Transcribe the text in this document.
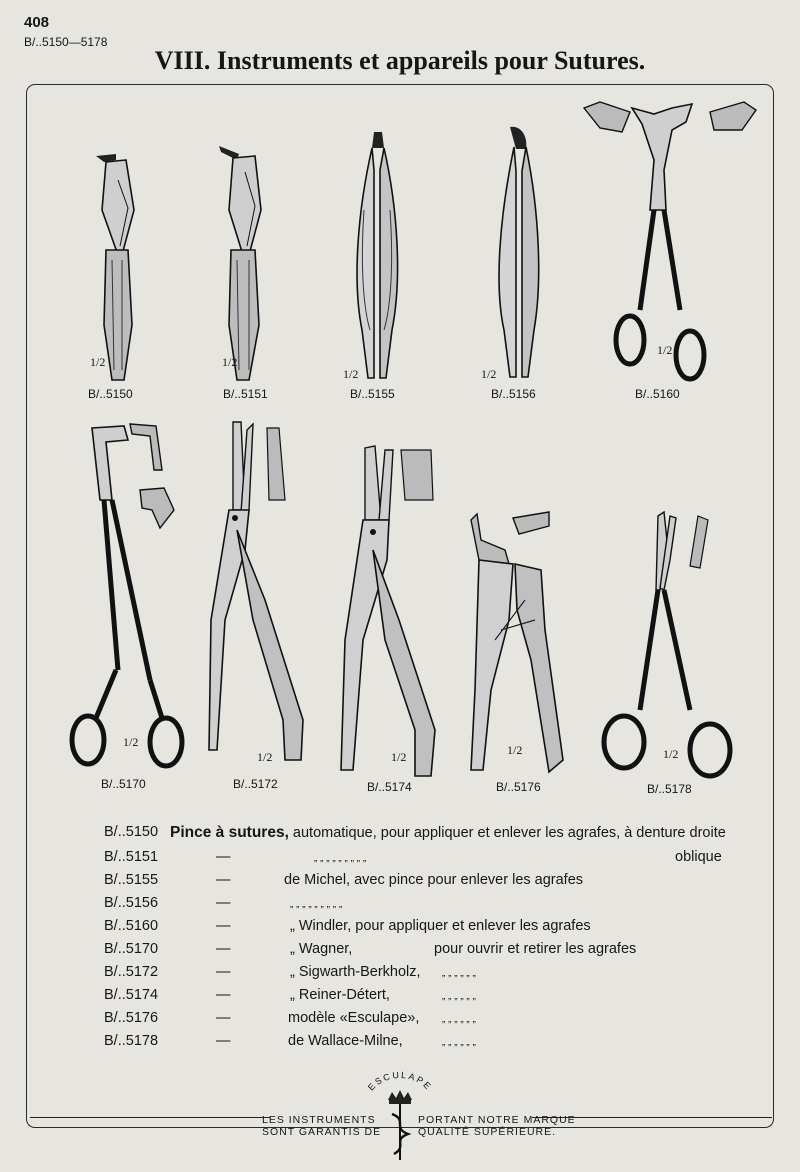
408
B/..5150—5178
VIII. Instruments et appareils pour Sutures.
1/2
B/..5150
1/2
B/..5151
1/2
B/..5155
1/2
B/..5156
1/2
B/..5160
1/2
B/..5170
1/2
B/..5172
1/2
B/..5174
1/2
B/..5176
1/2
B/..5178
B/..5150 Pince à sutures, automatique, pour appliquer et enlever les agrafes, à denture droite
B/..5151	—	„ „ „ „ „ „ „ „ „	oblique
B/..5155	—	de Michel, avec pince pour enlever les agrafes
B/..5156	—	„ „ „ „ „ „ „ „ „
B/..5160	—	„ Windler, pour appliquer et enlever les agrafes
B/..5170	—	„ Wagner,	pour ouvrir et retirer les agrafes
B/..5172	—	„ Sigwarth-Berkholz, „ „ „ „ „ „
B/..5174	—	„ Reiner-Détert,	„ „ „ „ „ „
B/..5176	—	modèle «Esculape», „ „ „ „ „ „
B/..5178	—	de Wallace-Milne,	„ „ „ „ „ „
LES INSTRUMENTS
SONT GARANTIS DE
PORTANT NOTRE MARQUE
QUALITÉ SUPÉRIEURE.
ESCULAPE
